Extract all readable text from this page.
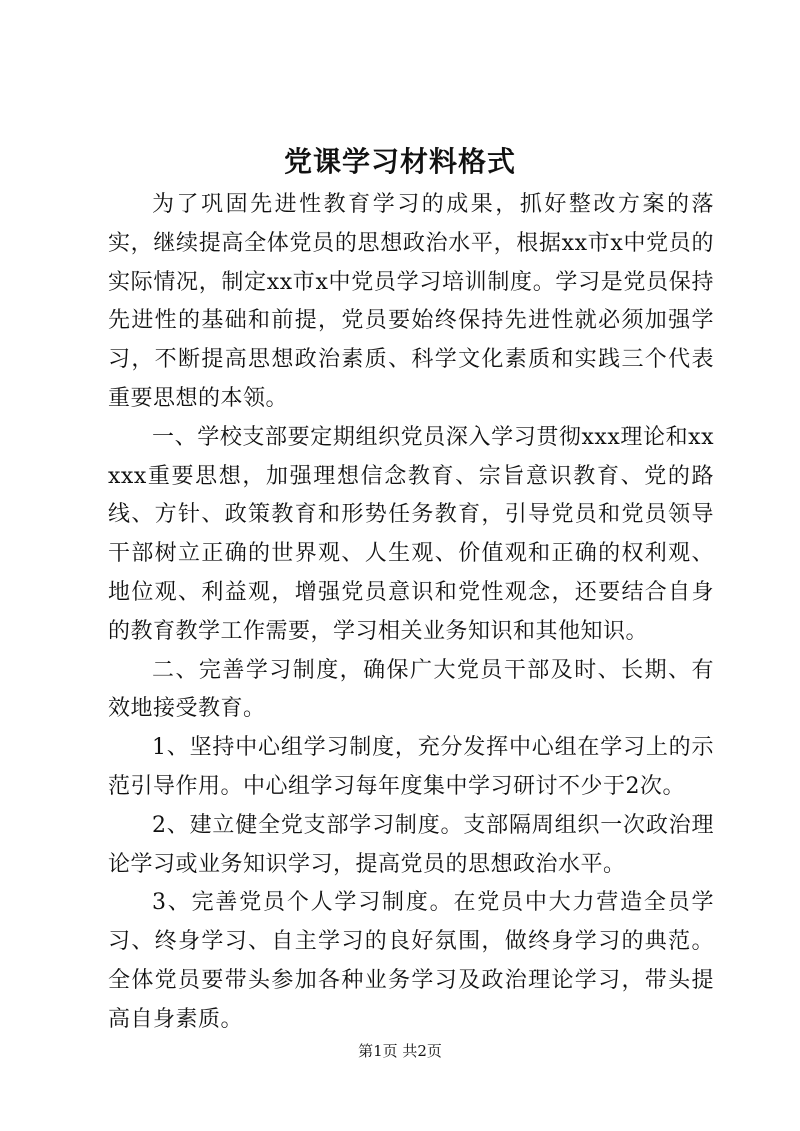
党课学习材料格式

为了巩固先进性教育学习的成果，抓好整改方案的落实，继续提高全体党员的思想政治水平，根据xx市x中党员的实际情况，制定xx市x中党员学习培训制度。学习是党员保持先进性的基础和前提，党员要始终保持先进性就必须加强学习，不断提高思想政治素质、科学文化素质和实践三个代表重要思想的本领。

一、学校支部要定期组织党员深入学习贯彻xxx理论和xxxxx重要思想，加强理想信念教育、宗旨意识教育、党的路线、方针、政策教育和形势任务教育，引导党员和党员领导干部树立正确的世界观、人生观、价值观和正确的权利观、地位观、利益观，增强党员意识和党性观念，还要结合自身的教育教学工作需要，学习相关业务知识和其他知识。

二、完善学习制度，确保广大党员干部及时、长期、有效地接受教育。

1、坚持中心组学习制度，充分发挥中心组在学习上的示范引导作用。中心组学习每年度集中学习研讨不少于2次。

2、建立健全党支部学习制度。支部隔周组织一次政治理论学习或业务知识学习，提高党员的思想政治水平。

3、完善党员个人学习制度。在党员中大力营造全员学习、终身学习、自主学习的良好氛围，做终身学习的典范。全体党员要带头参加各种业务学习及政治理论学习，带头提高自身素质。

第1页 共2页
